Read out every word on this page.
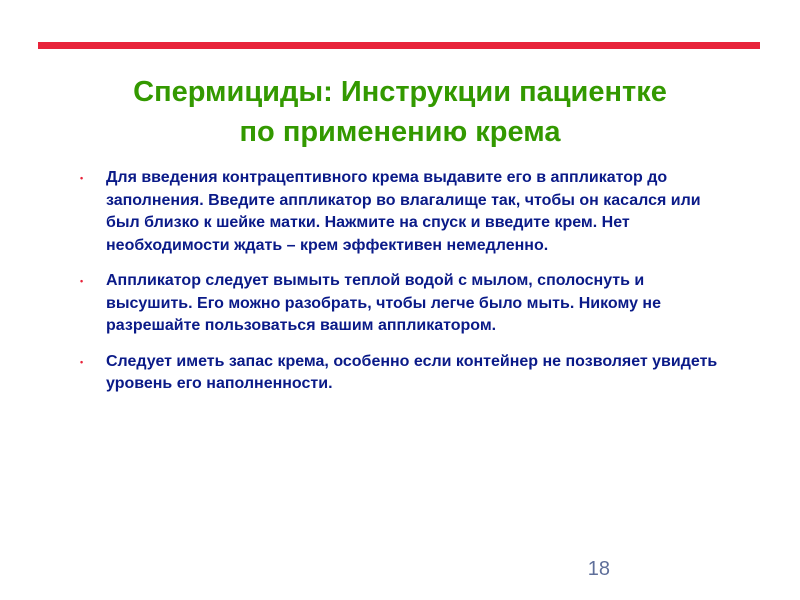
Спермициды: Инструкции пациентке
по применению крема
• Для введения контрацептивного крема выдавите его в аппликатор до заполнения. Введите аппликатор во влагалище так, чтобы он касался или был близко к шейке матки. Нажмите на спуск и введите крем. Нет необходимости ждать – крем эффективен немедленно.
• Аппликатор следует вымыть теплой водой с мылом, сполоснуть и высушить. Его можно разобрать, чтобы легче было мыть. Никому не разрешайте пользоваться вашим аппликатором.
• Следует иметь запас крема, особенно если контейнер не позволяет увидеть уровень его наполненности.
18
